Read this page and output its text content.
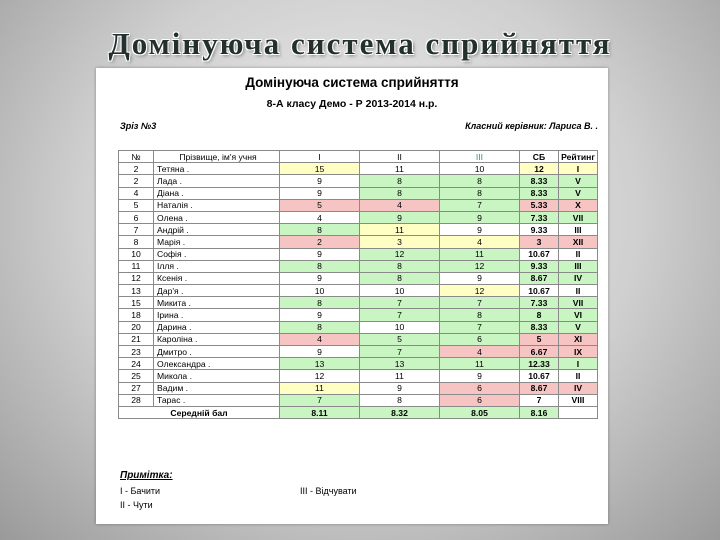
Домінуюча система сприйняття
Домінуюча система сприйняття
8-А класу Демо - Р 2013-2014 н.р.
Зріз №3	Класний керівник: Лариса В. .
№	Прізвище, ім'я учня	I	II	III	СБ	Рейтинг
2	Тетяна .	15	11	10	12	I
2	Лада .	9	8	8	8.33	V
4	Діана .	9	8	8	8.33	V
5	Наталія .	5	4	7	5.33	X
6	Олена .	4	9	9	7.33	VII
7	Андрій .	8	11	9	9.33	III
8	Марія .	2	3	4	3	XII
10	Софія .	9	12	11	10.67	II
11	Ілля .	8	8	12	9.33	III
12	Ксенія .	9	8	9	8.67	IV
13	Дар'я .	10	10	12	10.67	II
15	Микита .	8	7	7	7.33	VII
18	Ірина .	9	7	8	8	VI
20	Дарина .	8	10	7	8.33	V
21	Кароліна .	4	5	6	5	XI
23	Дмитро .	9	7	4	6.67	IX
24	Олександра .	13	13	11	12.33	I
25	Микола .	12	11	9	10.67	II
27	Вадим .	11	9	6	8.67	IV
28	Тарас .	7	8	6	7	VIII
Середній бал		8.11	8.32	8.05	8.16	
Примітка:
I - Бачити
II - Чути
III - Відчувати
